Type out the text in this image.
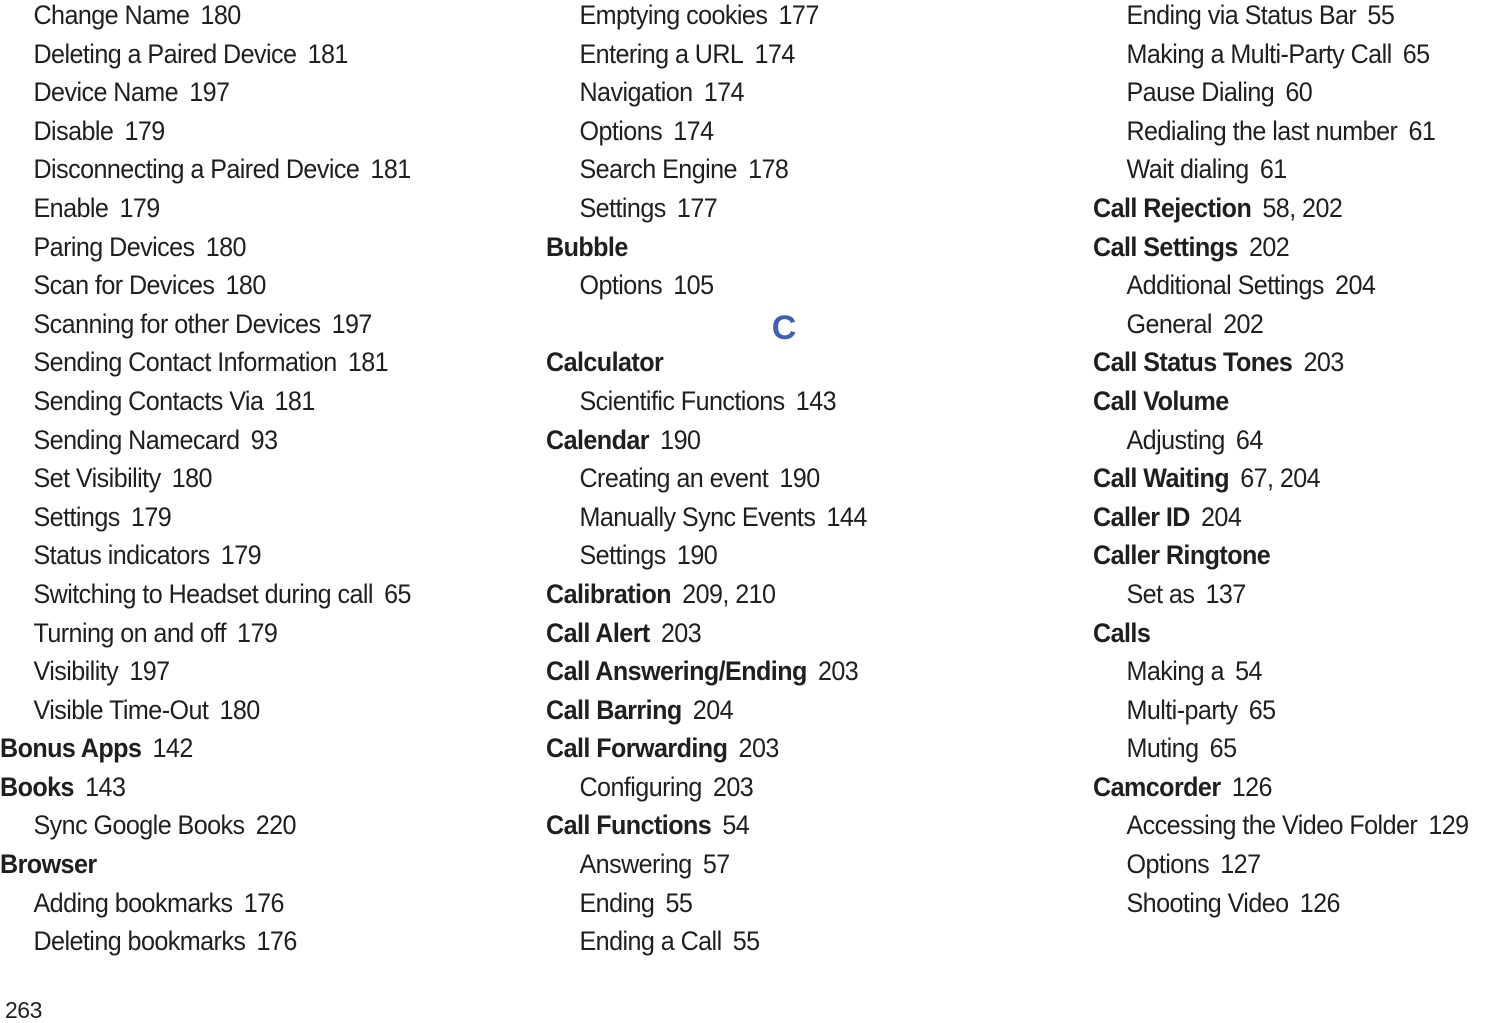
Change Name 180
Deleting a Paired Device 181
Device Name 197
Disable 179
Disconnecting a Paired Device 181
Enable 179
Paring Devices 180
Scan for Devices 180
Scanning for other Devices 197
Sending Contact Information 181
Sending Contacts Via 181
Sending Namecard 93
Set Visibility 180
Settings 179
Status indicators 179
Switching to Headset during call 65
Turning on and off 179
Visibility 197
Visible Time-Out 180
Bonus Apps 142
Books 143
Sync Google Books 220
Browser
Adding bookmarks 176
Deleting bookmarks 176
Emptying cookies 177
Entering a URL 174
Navigation 174
Options 174
Search Engine 178
Settings 177
Bubble
Options 105
C
Calculator
Scientific Functions 143
Calendar 190
Creating an event 190
Manually Sync Events 144
Settings 190
Calibration 209, 210
Call Alert 203
Call Answering/Ending 203
Call Barring 204
Call Forwarding 203
Configuring 203
Call Functions 54
Answering 57
Ending 55
Ending a Call 55
Ending via Status Bar 55
Making a Multi-Party Call 65
Pause Dialing 60
Redialing the last number 61
Wait dialing 61
Call Rejection 58, 202
Call Settings 202
Additional Settings 204
General 202
Call Status Tones 203
Call Volume
Adjusting 64
Call Waiting 67, 204
Caller ID 204
Caller Ringtone
Set as 137
Calls
Making a 54
Multi-party 65
Muting 65
Camcorder 126
Accessing the Video Folder 129
Options 127
Shooting Video 126
263
